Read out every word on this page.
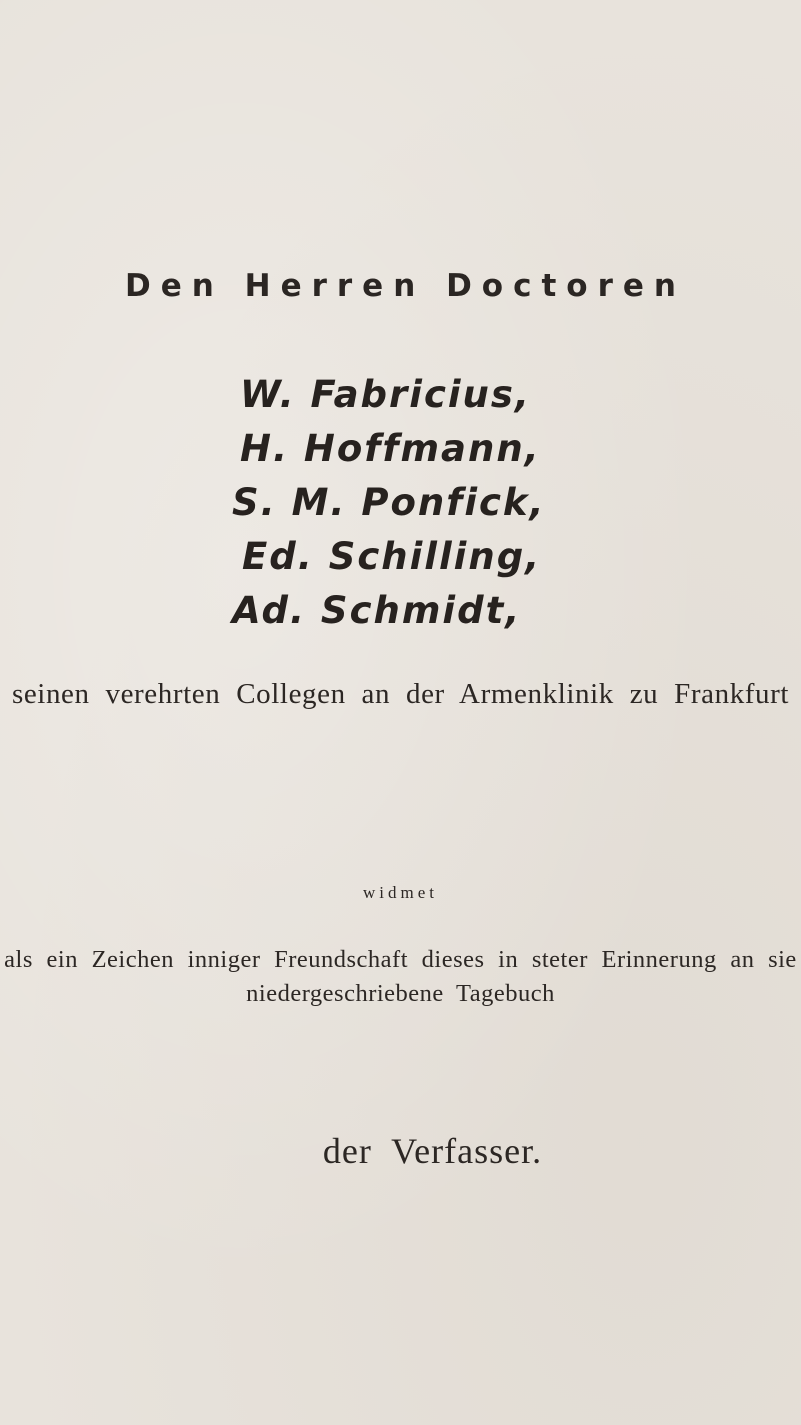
Den Herren Doctoren
W. Fabricius,
H. Hoffmann,
S. M. Ponfick,
Ed. Schilling,
Ad. Schmidt,
seinen verehrten Collegen an der Armenklinik zu Frankfurt
widmet
als ein Zeichen inniger Freundschaft dieses in steter Erinnerung an sie
niedergeschriebene Tagebuch
der Verfasser.
